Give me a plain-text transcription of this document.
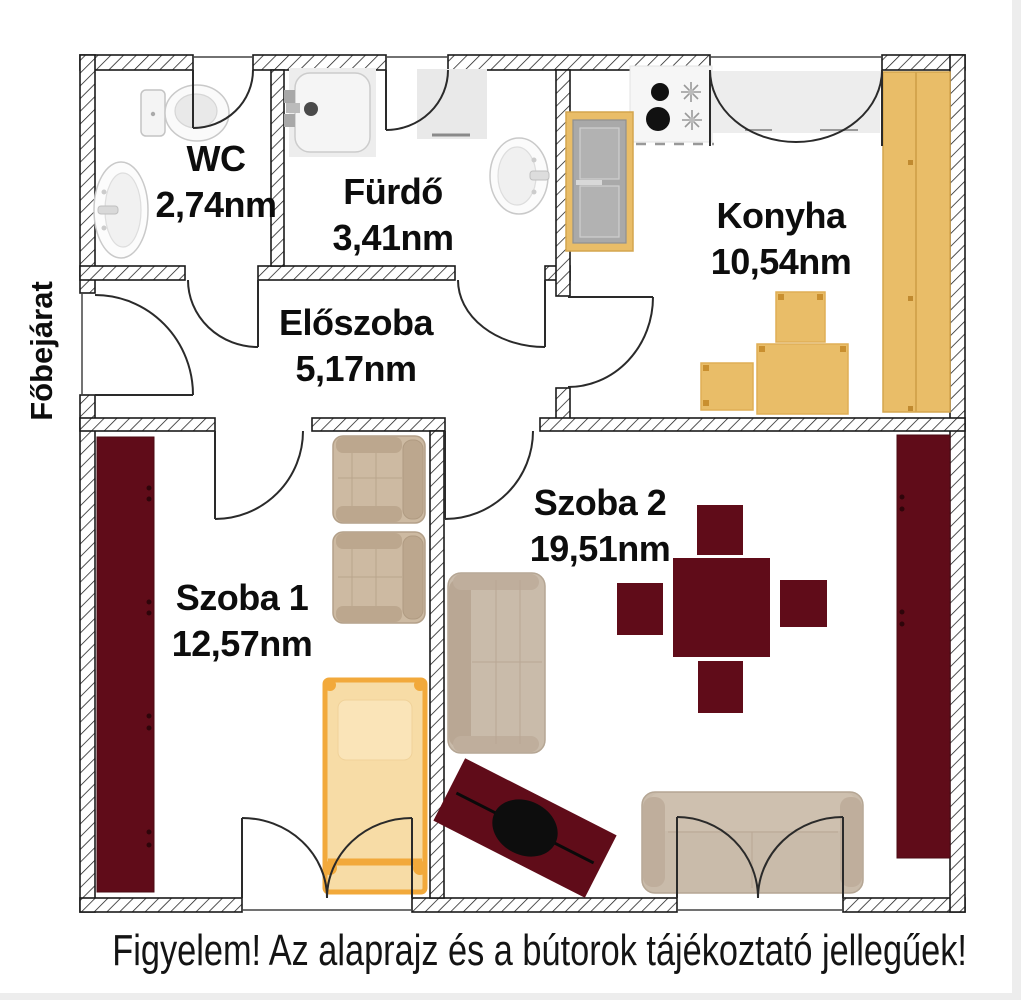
WC
2,74nm Fürdő
3,41nm
Konyha
10,54nm
Előszoba
5,17nm
Szoba 1
12,57nm
Szoba 2
19,51nm
Főbejárat
Figyelem! Az alaprajz és a bútorok tájékoztató jellegűek!
